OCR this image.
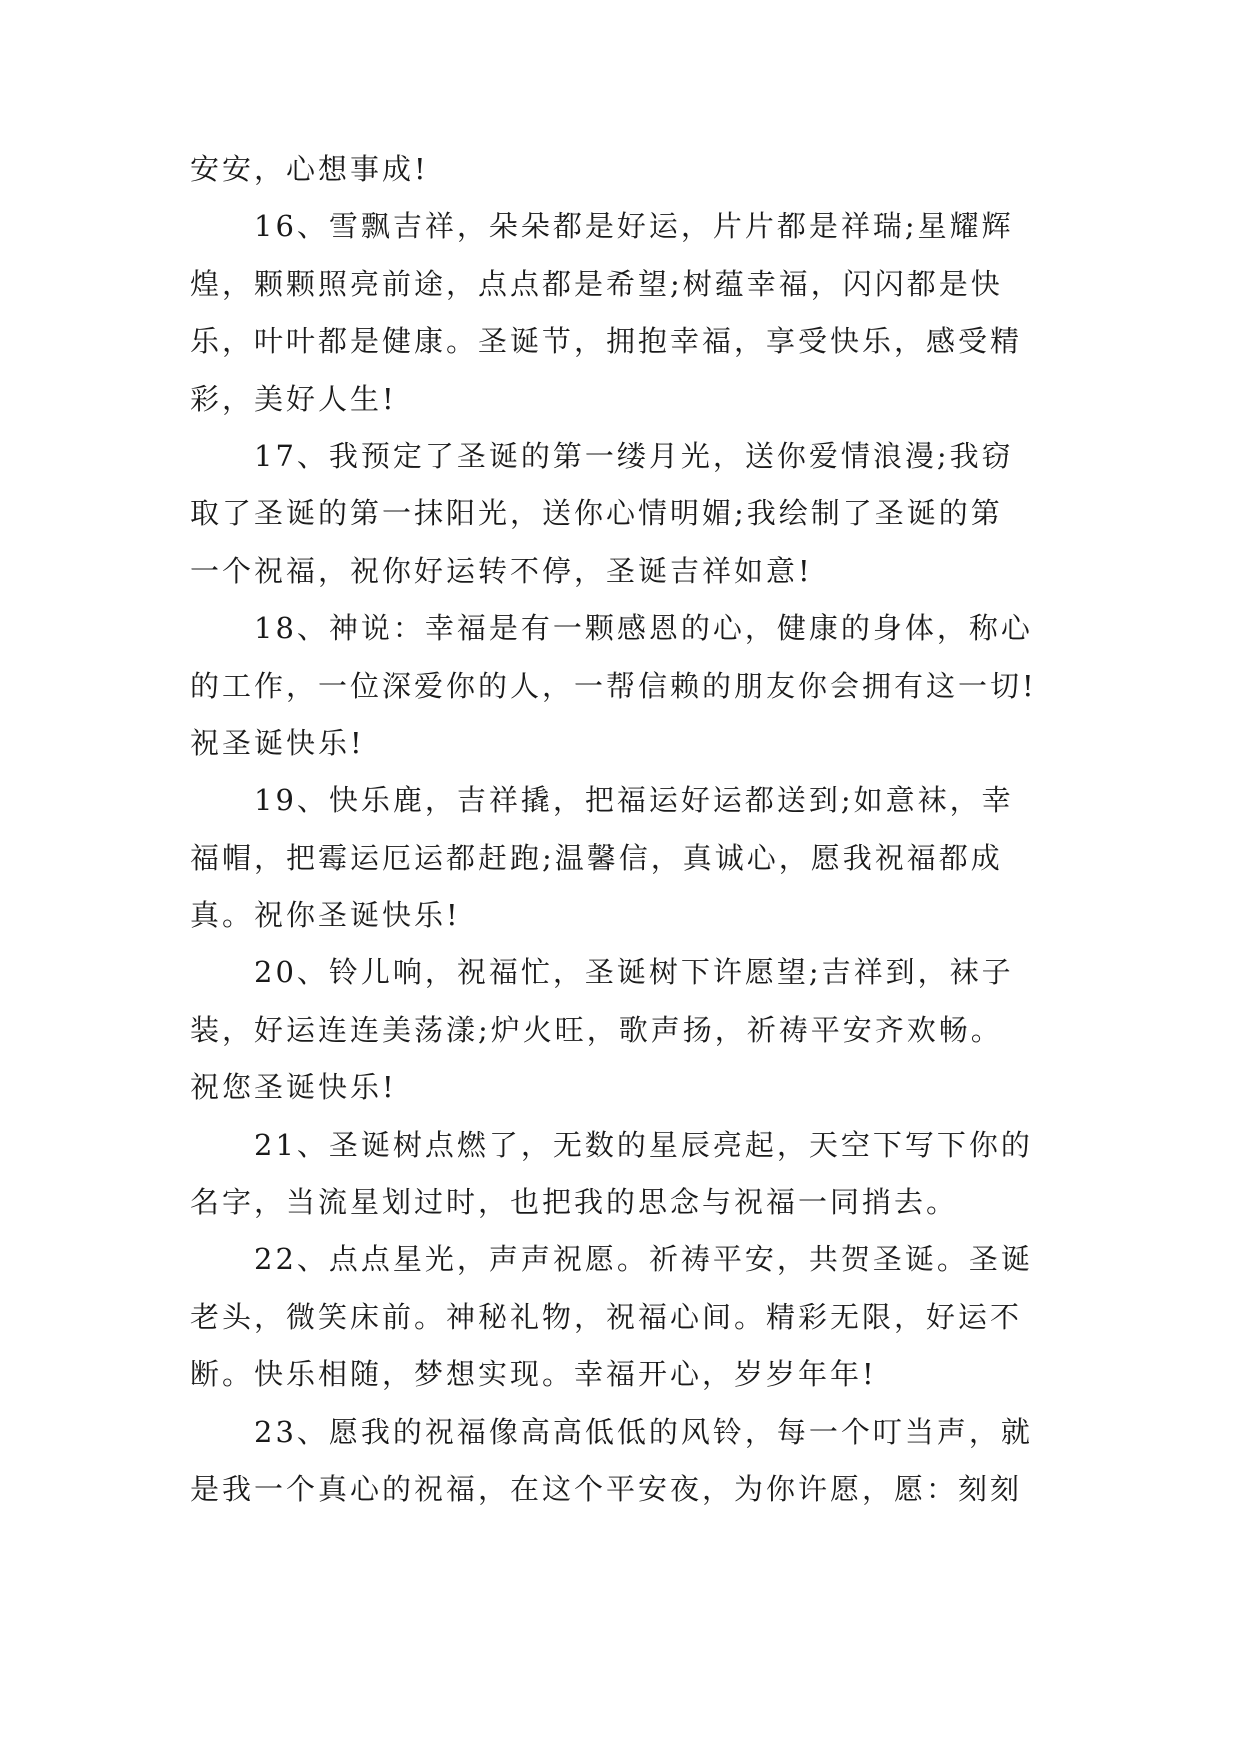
安安，心想事成!
16、雪飘吉祥，朵朵都是好运，片片都是祥瑞;星耀辉
煌，颗颗照亮前途，点点都是希望;树蕴幸福，闪闪都是快
乐，叶叶都是健康。圣诞节，拥抱幸福，享受快乐，感受精
彩，美好人生!
17、我预定了圣诞的第一缕月光，送你爱情浪漫;我窃
取了圣诞的第一抹阳光，送你心情明媚;我绘制了圣诞的第
一个祝福，祝你好运转不停，圣诞吉祥如意!
18、神说：幸福是有一颗感恩的心，健康的身体，称心
的工作，一位深爱你的人，一帮信赖的朋友你会拥有这一切!
祝圣诞快乐!
19、快乐鹿，吉祥撬，把福运好运都送到;如意袜，幸
福帽，把霉运厄运都赶跑;温馨信，真诚心，愿我祝福都成
真。祝你圣诞快乐!
20、铃儿响，祝福忙，圣诞树下许愿望;吉祥到，袜子
装，好运连连美荡漾;炉火旺，歌声扬，祈祷平安齐欢畅。
祝您圣诞快乐!
21、圣诞树点燃了，无数的星辰亮起，天空下写下你的
名字，当流星划过时，也把我的思念与祝福一同捎去。
22、点点星光，声声祝愿。祈祷平安，共贺圣诞。圣诞
老头，微笑床前。神秘礼物，祝福心间。精彩无限，好运不
断。快乐相随，梦想实现。幸福开心，岁岁年年!
23、愿我的祝福像高高低低的风铃，每一个叮当声，就
是我一个真心的祝福，在这个平安夜，为你许愿，愿：刻刻
